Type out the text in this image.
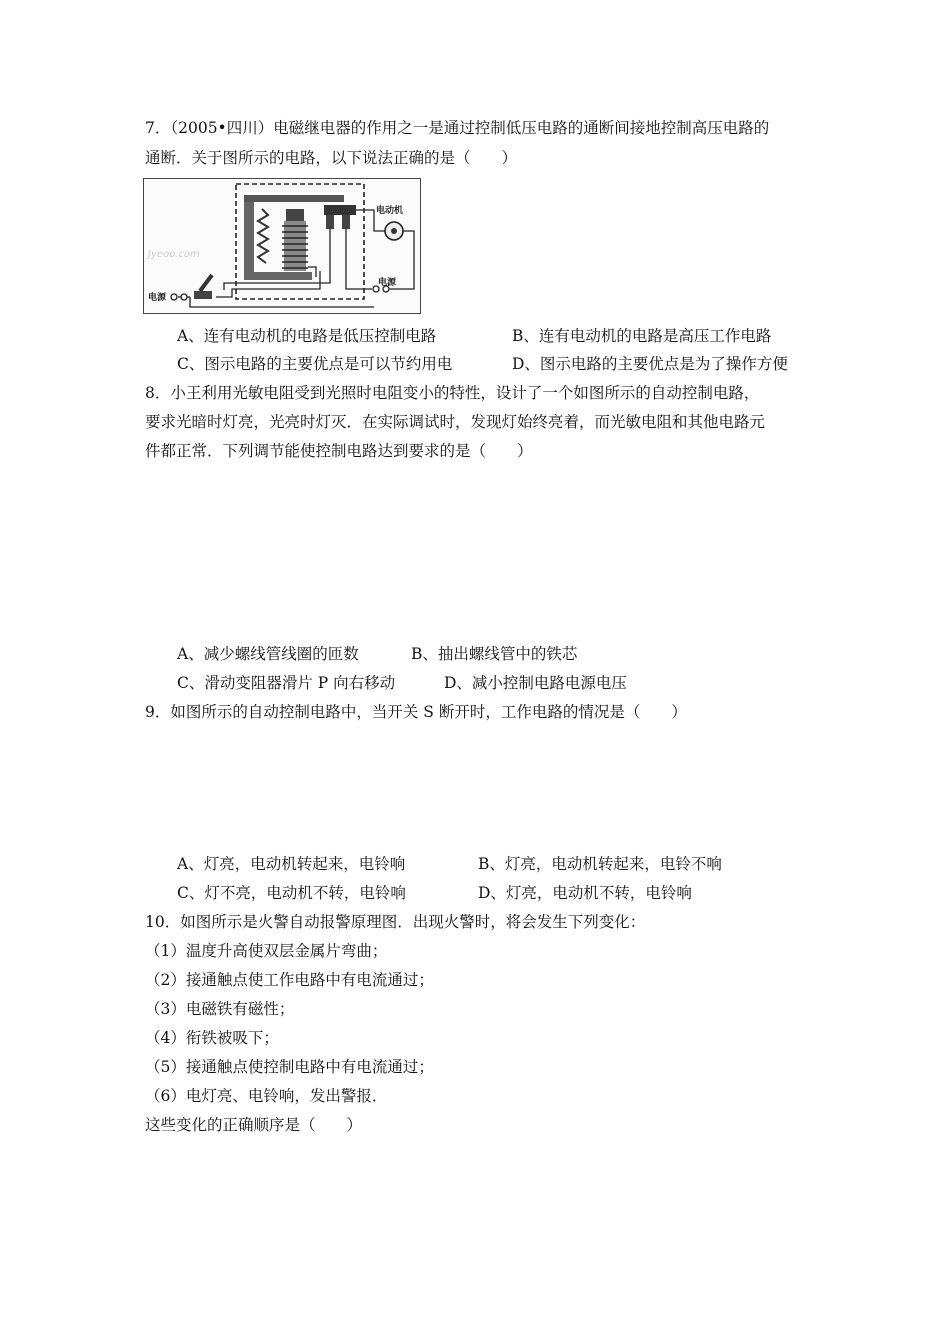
7．（2005•四川）电磁继电器的作用之一是通过控制低压电路的通断间接地控制高压电路的
通断．关于图所示的电路，以下说法正确的是（　　）
电动机
电源
电源
Jyeoo.com
A、连有电动机的电路是低压控制电路	B、连有电动机的电路是高压工作电路
C、图示电路的主要优点是可以节约用电	D、图示电路的主要优点是为了操作方便
8．小王利用光敏电阻受到光照时电阻变小的特性，设计了一个如图所示的自动控制电路，
要求光暗时灯亮，光亮时灯灭．在实际调试时，发现灯始终亮着，而光敏电阻和其他电路元
件都正常．下列调节能使控制电路达到要求的是（　　）
A、减少螺线管线圈的匝数	B、抽出螺线管中的铁芯
C、滑动变阻器滑片 P 向右移动	D、减小控制电路电源电压
9．如图所示的自动控制电路中，当开关 S 断开时，工作电路的情况是（　　）
A、灯亮，电动机转起来，电铃响	B、灯亮，电动机转起来，电铃不响
C、灯不亮，电动机不转，电铃响	D、灯亮，电动机不转，电铃响
10．如图所示是火警自动报警原理图．出现火警时，将会发生下列变化：
（1）温度升高使双层金属片弯曲；
（2）接通触点使工作电路中有电流通过；
（3）电磁铁有磁性；
（4）衔铁被吸下；
（5）接通触点使控制电路中有电流通过；
（6）电灯亮、电铃响，发出警报．
这些变化的正确顺序是（　　）
